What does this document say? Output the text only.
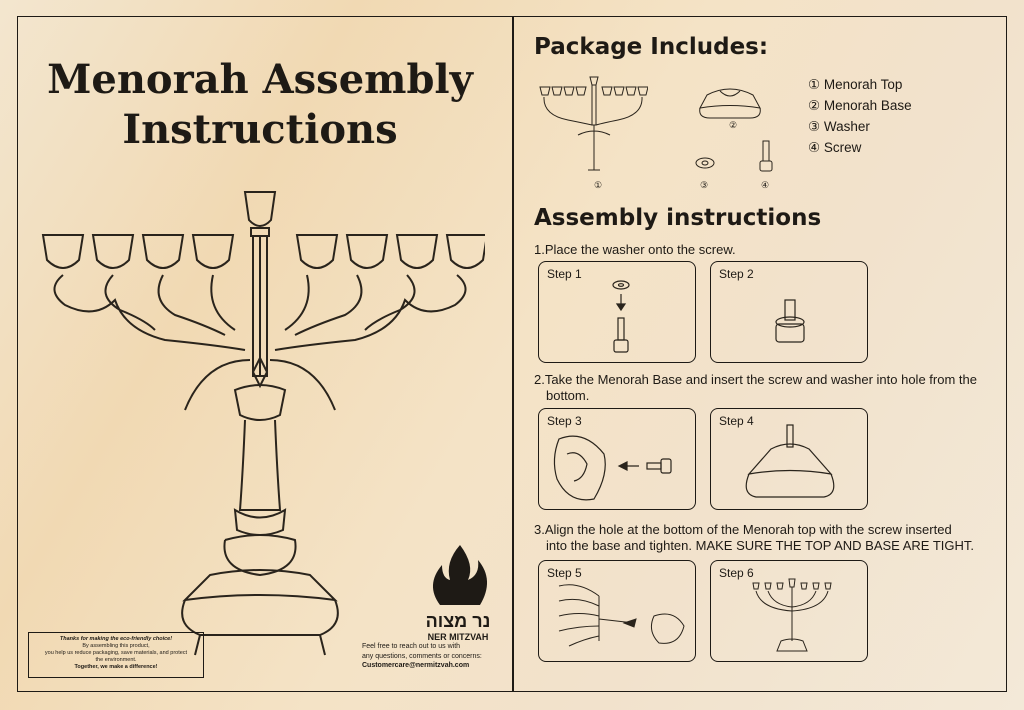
Menorah Assembly
Instructions
נר מצוה
NER MITZVAH
Thanks for making the eco-friendly choice!
By assembling this product,
you help us reduce packaging, save materials, and protect
the environment.
Together, we make a difference!
Feel free to reach out to us with
any questions, comments or concerns:
Customercare@nermitzvah.com
Package Includes:
①
②
③	④
① Menorah Top
② Menorah Base
③ Washer
④ Screw
Assembly instructions

1.Place the washer onto the screw.

Step 1	Step 2

2.Take the Menorah Base and insert the screw and washer into hole from the
bottom.

Step 3	Step 4

3.Align the hole at the bottom of the Menorah top with the screw inserted
into the base and tighten. MAKE SURE THE TOP AND BASE ARE TIGHT.

Step 5	Step 6
